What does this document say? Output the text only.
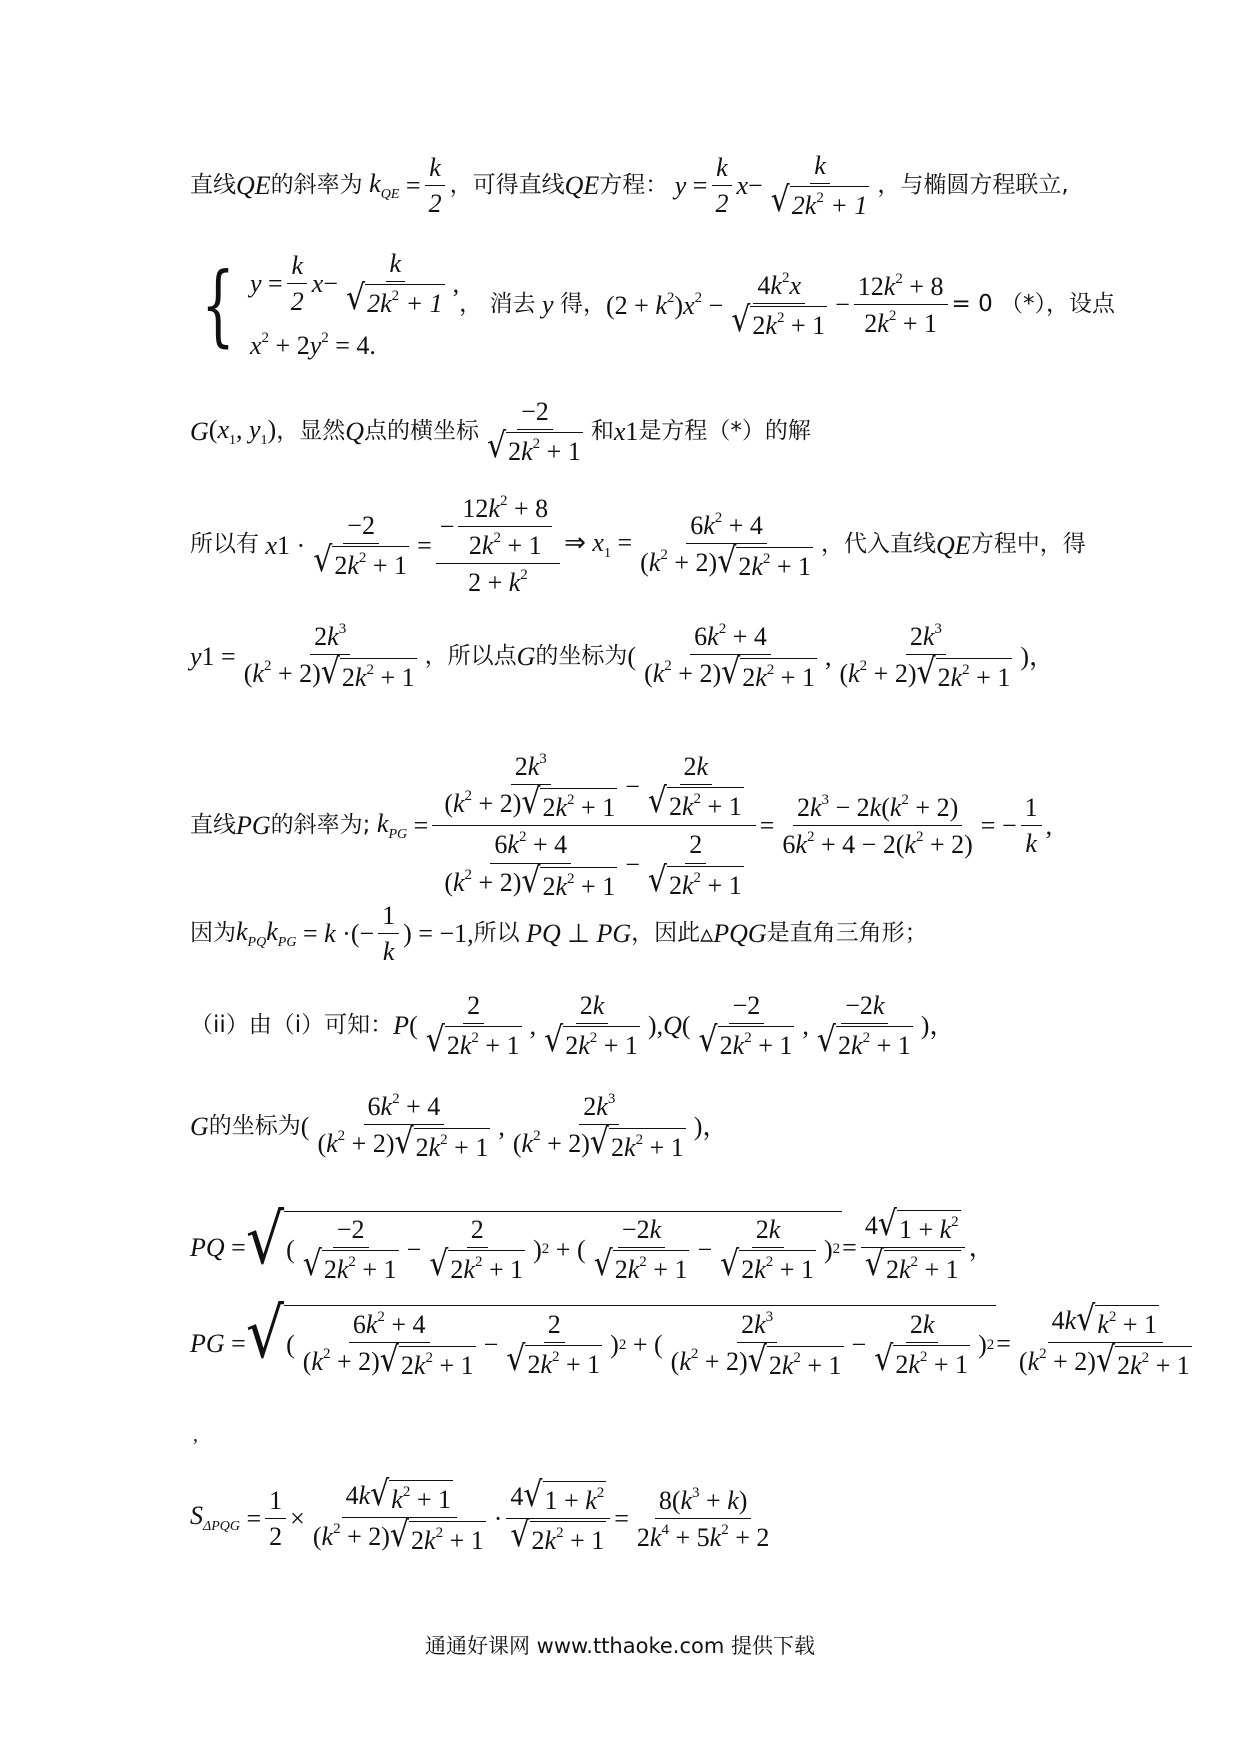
直线 QE 的斜率为 $k_{QE} = \frac{k}{2}$ ，可得直线 QE 方程： $y = \frac{k}{2}$ $x - \frac{k}{√ 2k^2 + 1}$ ，与椭圆方程联立,
{ $y = \frac{k}{2}$ $x - \frac{k}{√ 2k^2 + 1}$ ,
$x^2 + 2y^2 = 4$.
， 消去 y 得， $(2 + k^2)x^2 - \frac{4k^2x}{√ 2k^2 + 1} - \frac{12k^2 + 8}{2k^2 + 1} = 0$ （*），设点
G ($x_1$, $y_1$) ，显然 Q 点的横坐标 $\frac{-2}{√ 2k^2 + 1}$ 和 x 1 是方程（*）的解
所以有 x $1 \cdot \frac{-2}{√ 2k^2 + 1} = \frac{- \frac{12k^2 + 8}{2k^2 + 1}}{2 + k^2}$ ⇒ $x_1 = \frac{6k^2 + 4}{(k^2 + 2) √ 2k^2 + 1}$ ，代入直线 QE 方程中，得
y $1 = \frac{2k^3}{(k^2 + 2) √ 2k^2 + 1}$ ，所以点 G 的坐标为 ( $\frac{6k^2 + 4}{(k^2 + 2) √ 2k^2 + 1}$ , $\frac{2k^3}{(k^2 + 2) √ 2k^2 + 1}$ )，
直线 PG 的斜率为; $k_{PG} = \frac{\frac{2k^3}{(k^2 + 2) √ 2k^2 + 1} - \frac{2k}{√ 2k^2 + 1}}{\frac{6k^2 + 4}{(k^2 + 2) √ 2k^2 + 1} - \frac{2}{√ 2k^2 + 1}} = \frac{2k^3 - 2k(k^2 + 2)}{6k^2 + 4 - 2(k^2 + 2)}$ = − $\frac{1}{k}$ ,
因为 $k_{PQ}k_{PG} = k$ ·(− $\frac{1}{k}$ ) = −1, 所以 PQ ⊥ PG ，因此 ▵ PQG 是直角三角形；
（ii）由（i）可知： P ( $\frac{2}{√ 2k^2 + 1}$ , $\frac{2k}{√ 2k^2 + 1}$ ), Q ( $\frac{-2}{√ 2k^2 + 1}$ , $\frac{-2k}{√ 2k^2 + 1}$ )，
G 的坐标为 ( $\frac{6k^2 + 4}{(k^2 + 2) √ 2k^2 + 1}$ , $\frac{2k^3}{(k^2 + 2) √ 2k^2 + 1}$ )，
PQ = √ ( $\frac{-2}{√ 2k^2 + 1} - \frac{2}{√ 2k^2 + 1}$ ) 2 + ( $\frac{-2k}{√ 2k^2 + 1} - \frac{2k}{√ 2k^2 + 1}$ ) $2 = \frac{4 √ 1 + k^2}{√ 2k^2 + 1}$ ，
PG = √ ( $\frac{6k^2 + 4}{(k^2 + 2) √ 2k^2 + 1} - \frac{2}{√ 2k^2 + 1}$ ) 2 + ( $\frac{2k^3}{(k^2 + 2) √ 2k^2 + 1} - \frac{2k}{√ 2k^2 + 1}$ ) $2 = \frac{4k √ k^2 + 1}{(k^2 + 2) √ 2k^2 + 1}$
,
$S_{\Delta PQG} = \frac{1}{2} \times \frac{4k √ k^2 + 1}{(k^2 + 2) √ 2k^2 + 1} \cdot \frac{4 √ 1 + k^2}{√ 2k^2 + 1} = \frac{8(k^3 + k)}{2k^4 + 5k^2 + 2}$
通通好课网 www.tthaoke.com 提供下载
